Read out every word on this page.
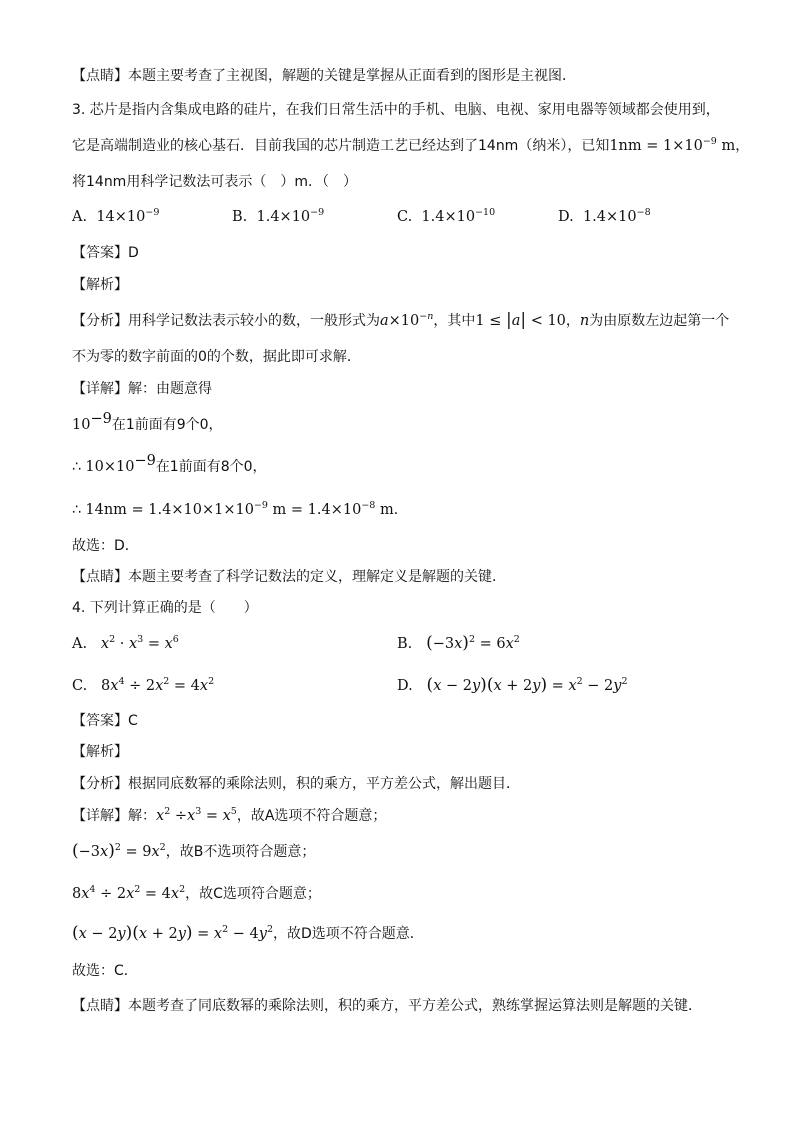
【点睛】本题主要考查了主视图，解题的关键是掌握从正面看到的图形是主视图．
3. 芯片是指内含集成电路的硅片，在我们日常生活中的手机、电脑、电视、家用电器等领域都会使用到，
它是高端制造业的核心基石．目前我国的芯片制造工艺已经达到了14nm（纳米），已知$1nm = 1\times 10^{-9}$ m，
将14nm用科学记数法可表示（　）m．（　）
A. $14\times 10^{-9}$	B. $1.4\times 10^{-9}$	C. $1.4\times 10^{-10}$	D. $1.4\times 10^{-8}$
【答案】D
【解析】
【分析】用科学记数法表示较小的数，一般形式为$a\times 10^{-n}$，其中1 ≤ |a| < 10，n为由原数左边起第一个
不为零的数字前面的0的个数，据此即可求解．
【详解】解：由题意得
$10^{-9}$在1前面有9个0，
∴ $10\times 10^{-9}$在1前面有8个0，
∴ $14nm = 1.4\times 10\times 1\times 10^{-9}$ $m = 1.4\times 10^{-8}$ m．
故选：D．
【点睛】本题主要考查了科学记数法的定义，理解定义是解题的关键．
4. 下列计算正确的是（　　）
A. $x^2 \cdot x^3 = x^6$	B. $(-3x)^2 = 6x^2$
C.   $8x^4 \div 2x^2 = 4x^2$	D. $(x - 2y)(x + 2y) = x^2 - 2y^2$
【答案】C
【解析】
【分析】根据同底数幂的乘除法则，积的乘方，平方差公式，解出题目．
【详解】解：$x^2 \div x^3 = x^5$，故A选项不符合题意；
$(-3x)^2 = 9x^2$，故B不选项符合题意；
$8x^4 \div 2x^2 = 4x^2$，故C选项符合题意；
$(x - 2y)(x + 2y) = x^2 - 4y^2$，故D选项不符合题意．
故选：C．
【点睛】本题考查了同底数幂的乘除法则，积的乘方，平方差公式，熟练掌握运算法则是解题的关键．
